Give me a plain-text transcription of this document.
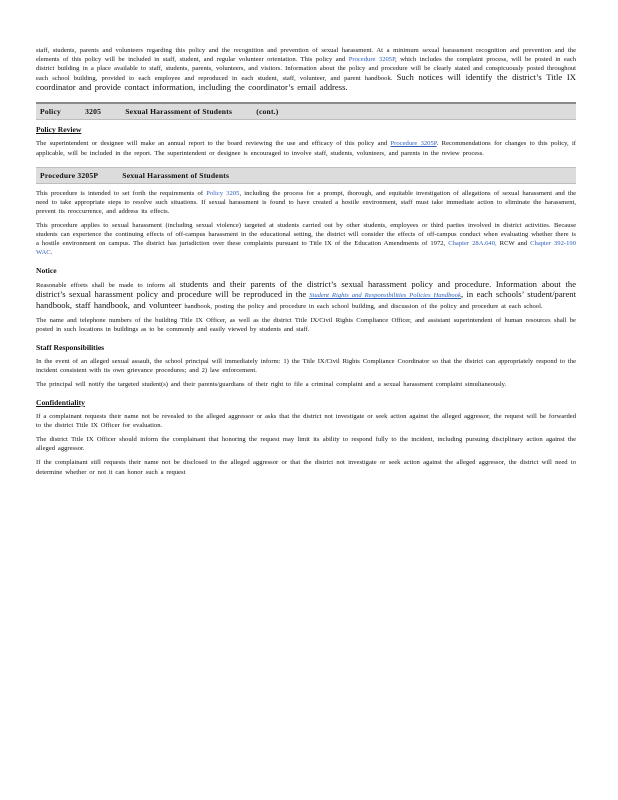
staff, students, parents and volunteers regarding this policy and the recognition and prevention of sexual harassment. At a minimum sexual harassment recognition and prevention and the elements of this policy will be included in staff, student, and regular volunteer orientation. This policy and Procedure 3205P, which includes the complaint process, will be posted in each district building in a place available to staff, students, parents, volunteers, and visitors. Information about the policy and procedure will be clearly stated and conspicuously posted throughout each school building, provided to each employee and reproduced in each student, staff, volunteer, and parent handbook. Such notices will identify the district’s Title IX coordinator and provide contact information, including the coordinator’s email address.

Policy	3205	Sexual Harassment of Students	(cont.)

Policy Review

The superintendent or designee will make an annual report to the board reviewing the use and efficacy of this policy and Procedure 3205P. Recommendations for changes to this policy, if applicable, will be included in the report. The superintendent or designee is encouraged to involve staff, students, volunteers, and parents in the review process.

Procedure 3205P	Sexual Harassment of Students

This procedure is intended to set forth the requirements of Policy 3205, including the process for a prompt, thorough, and equitable investigation of allegations of sexual harassment and the need to take appropriate steps to resolve such situations. If sexual harassment is found to have created a hostile environment, staff must take immediate action to eliminate the harassment, prevent its reoccurrence, and address its effects.

This procedure applies to sexual harassment (including sexual violence) targeted at students carried out by other students, employees or third parties involved in district activities. Because students can experience the continuing effects of off-campus harassment in the educational setting, the district will consider the effects of off-campus conduct when evaluating whether there is a hostile environment on campus. The district has jurisdiction over these complaints pursuant to Title IX of the Education Amendments of 1972, Chapter 28A.640, RCW and Chapter 392-190 WAC.

Notice

Reasonable efforts shall be made to inform all students and their parents of the district’s sexual harassment policy and procedure. Information about the district’s sexual harassment policy and procedure will be reproduced in the Student Rights and Responsibilities Policies Handbook, in each schools’ student/parent handbook, staff handbook, and volunteer handbook, posting the policy and procedure in each school building, and discussion of the policy and procedure at each school.

The name and telephone numbers of the building Title IX Officer, as well as the district Title IX/Civil Rights Compliance Officer, and assistant superintendent of human resources shall be posted in such locations in buildings as to be commonly and easily viewed by students and staff.

Staff Responsibilities

In the event of an alleged sexual assault, the school principal will immediately inform: 1) the Title IX/Civil Rights Compliance Coordinator so that the district can appropriately respond to the incident consistent with its own grievance procedures; and 2) law enforcement.

The principal will notify the targeted student(s) and their parents/guardians of their right to file a criminal complaint and a sexual harassment complaint simultaneously.

Confidentiality

If a complainant requests their name not be revealed to the alleged aggressor or asks that the district not investigate or seek action against the alleged aggressor, the request will be forwarded to the district Title IX Officer for evaluation.

The district Title IX Officer should inform the complainant that honoring the request may limit its ability to respond fully to the incident, including pursuing disciplinary action against the alleged aggressor.

If the complainant still requests their name not be disclosed to the alleged aggressor or that the district not investigate or seek action against the alleged aggressor, the district will need to determine whether or not it can honor such a request
